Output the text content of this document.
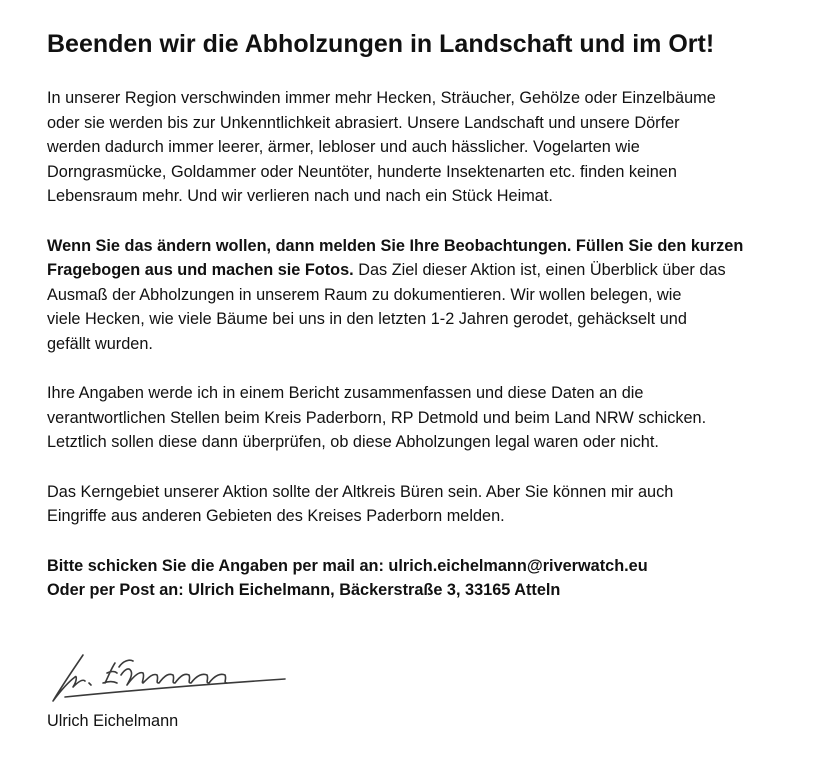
Beenden wir die Abholzungen in Landschaft und im Ort!
In unserer Region verschwinden immer mehr Hecken, Sträucher, Gehölze oder Einzelbäume
oder sie werden bis zur Unkenntlichkeit abrasiert. Unsere Landschaft und unsere Dörfer
werden dadurch immer leerer, ärmer, lebloser und auch hässlicher. Vogelarten wie
Dorngrasmücke, Goldammer oder Neuntöter, hunderte Insektenarten etc. finden keinen
Lebensraum mehr. Und wir verlieren nach und nach ein Stück Heimat.
Wenn Sie das ändern wollen, dann melden Sie Ihre Beobachtungen. Füllen Sie den kurzen
Fragebogen aus und machen sie Fotos. Das Ziel dieser Aktion ist, einen Überblick über das
Ausmaß der Abholzungen in unserem Raum zu dokumentieren. Wir wollen belegen, wie
viele Hecken, wie viele Bäume bei uns in den letzten 1-2 Jahren gerodet, gehäckselt und
gefällt wurden.
Ihre Angaben werde ich in einem Bericht zusammenfassen und diese Daten an die
verantwortlichen Stellen beim Kreis Paderborn, RP Detmold und beim Land NRW schicken.
Letztlich sollen diese dann überprüfen, ob diese Abholzungen legal waren oder nicht.
Das Kerngebiet unserer Aktion sollte der Altkreis Büren sein. Aber Sie können mir auch
Eingriffe aus anderen Gebieten des Kreises Paderborn melden.
Bitte schicken Sie die Angaben per mail an: ulrich.eichelmann@riverwatch.eu
Oder per Post an: Ulrich Eichelmann, Bäckerstraße 3, 33165 Atteln
Ulrich Eichelmann
